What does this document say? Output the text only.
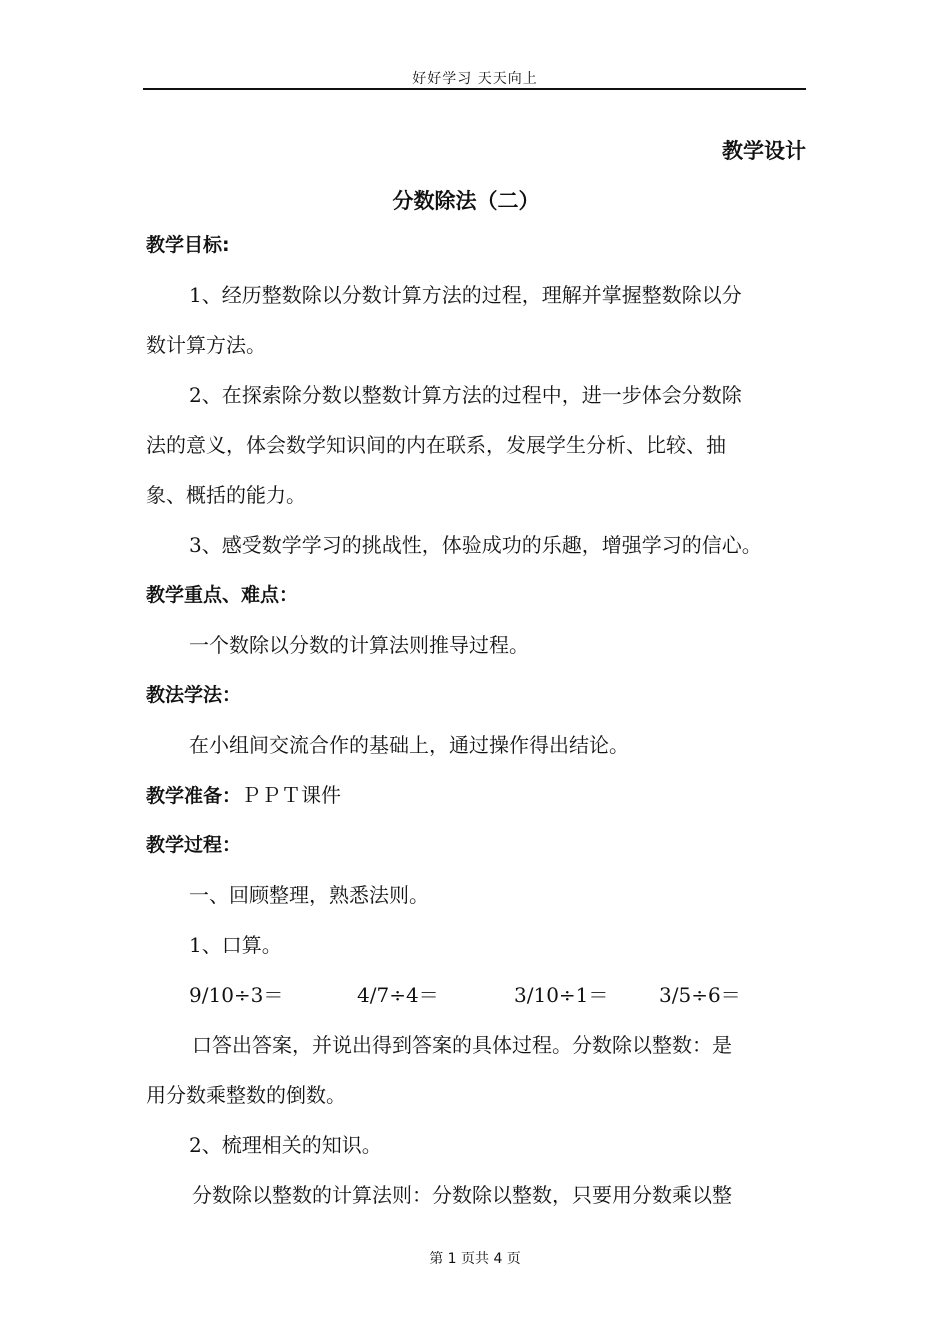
好好学习 天天向上
教学设计
分数除法（二）
教学目标:
1、经历整数除以分数计算方法的过程，理解并掌握整数除以分
数计算方法。
2、在探索除分数以整数计算方法的过程中，进一步体会分数除
法的意义，体会数学知识间的内在联系，发展学生分析、比较、抽
象、概括的能力。
3、感受数学学习的挑战性，体验成功的乐趣，增强学习的信心。
教学重点、难点：
一个数除以分数的计算法则推导过程。
教法学法：
在小组间交流合作的基础上，通过操作得出结论。
教学准备：ＰＰＴ课件
教学过程：
一、回顾整理，熟悉法则。
1、口算。
9/10÷3＝	4/7÷4＝	3/10÷1＝	3/5÷6＝
口答出答案，并说出得到答案的具体过程。分数除以整数：是
用分数乘整数的倒数。
2、梳理相关的知识。
分数除以整数的计算法则：分数除以整数，只要用分数乘以整
第 1 页共 4 页
